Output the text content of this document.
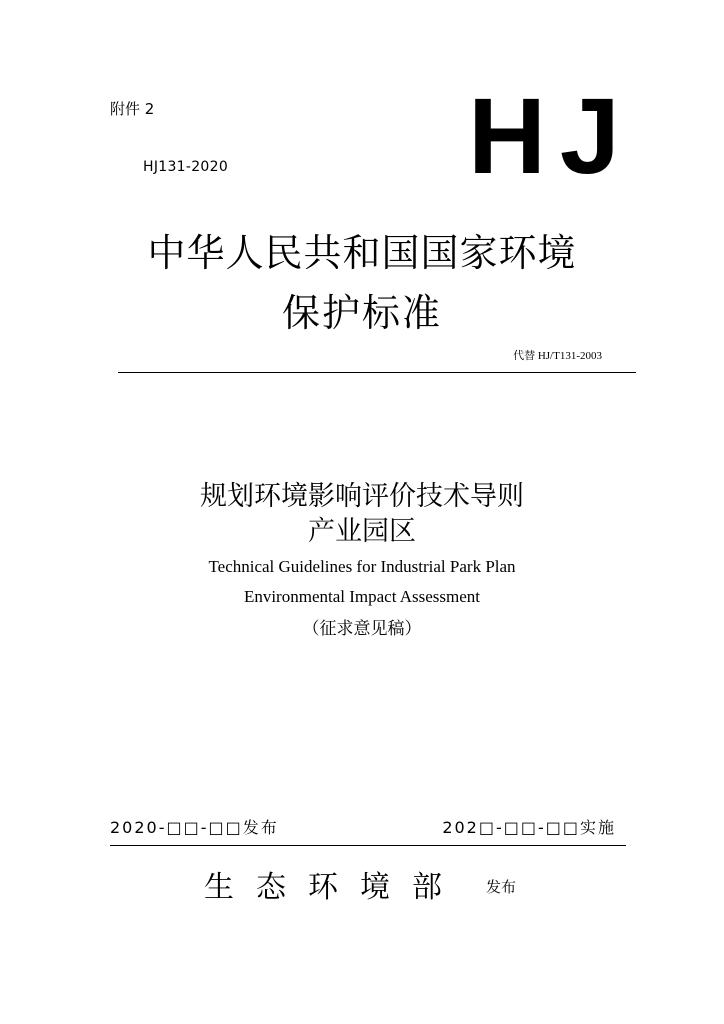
附件 2
HJ131-2020 HJ
中华人民共和国国家环境
保护标准
代替 HJ/T131-2003
规划环境影响评价技术导则
产业园区
Technical Guidelines for Industrial Park Plan
Environmental Impact Assessment
（征求意见稿）
2020-□□-□□发布	202□-□□-□□实施
生态环境部 发布
